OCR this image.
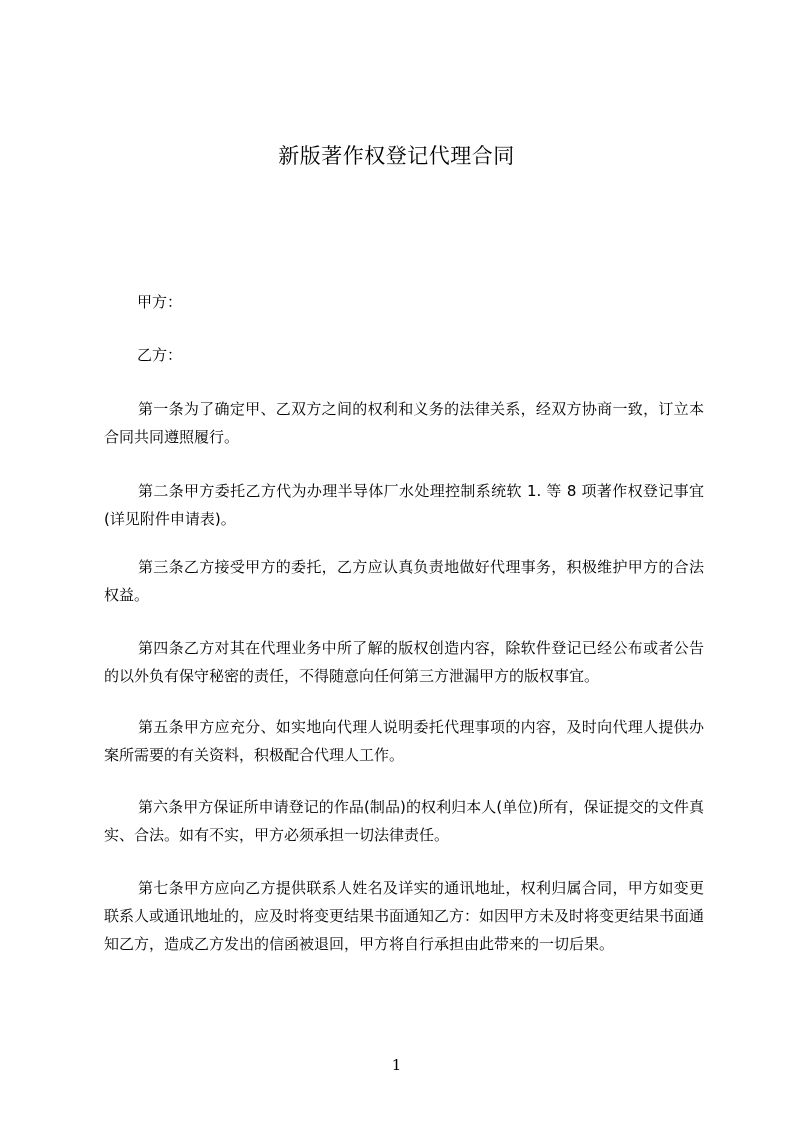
新版著作权登记代理合同
甲方：
乙方：
第一条为了确定甲、乙双方之间的权利和义务的法律关系，经双方协商一致，订立本合同共同遵照履行。
第二条甲方委托乙方代为办理半导体厂水处理控制系统软 1. 等 8 项著作权登记事宜(详见附件申请表)。
第三条乙方接受甲方的委托，乙方应认真负责地做好代理事务，积极维护甲方的合法权益。
第四条乙方对其在代理业务中所了解的版权创造内容，除软件登记已经公布或者公告的以外负有保守秘密的责任，不得随意向任何第三方泄漏甲方的版权事宜。
第五条甲方应充分、如实地向代理人说明委托代理事项的内容，及时向代理人提供办案所需要的有关资料，积极配合代理人工作。
第六条甲方保证所申请登记的作品(制品)的权利归本人(单位)所有，保证提交的文件真实、合法。如有不实，甲方必须承担一切法律责任。
第七条甲方应向乙方提供联系人姓名及详实的通讯地址，权利归属合同，甲方如变更联系人或通讯地址的，应及时将变更结果书面通知乙方：如因甲方未及时将变更结果书面通知乙方，造成乙方发出的信函被退回，甲方将自行承担由此带来的一切后果。
1
